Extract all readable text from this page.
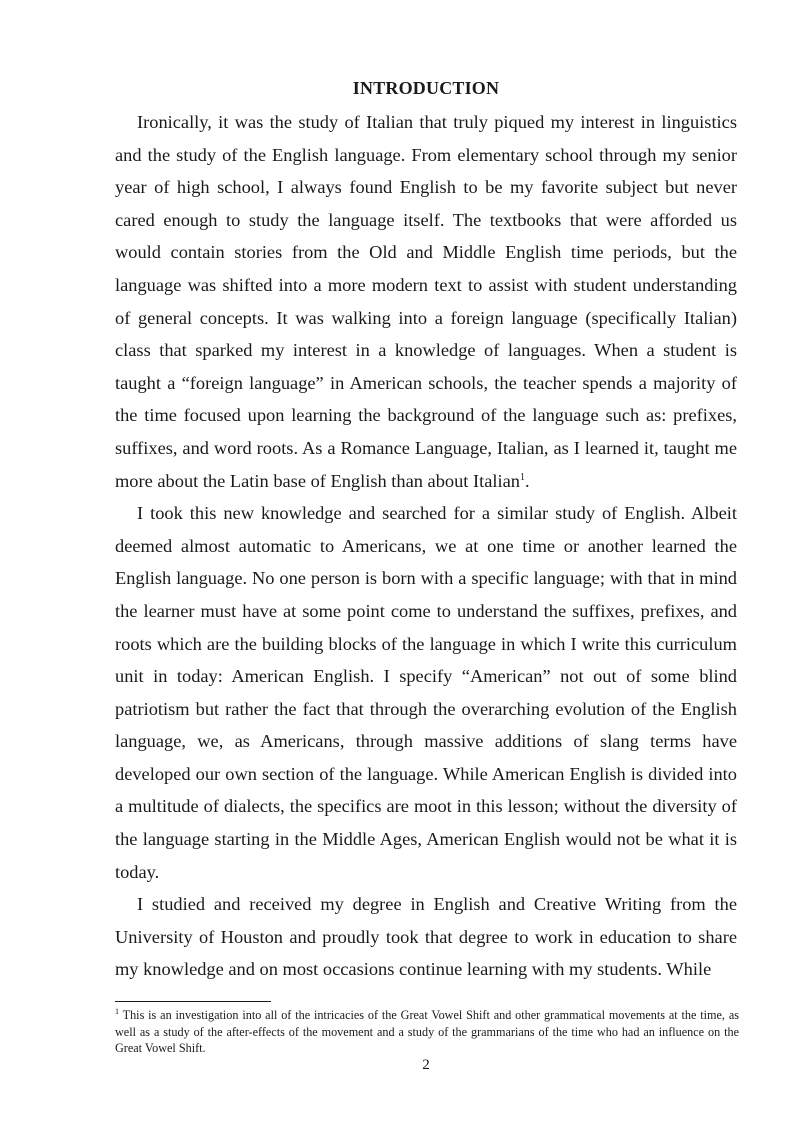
INTRODUCTION

Ironically, it was the study of Italian that truly piqued my interest in linguistics and the study of the English language. From elementary school through my senior year of high school, I always found English to be my favorite subject but never cared enough to study the language itself. The textbooks that were afforded us would contain stories from the Old and Middle English time periods, but the language was shifted into a more modern text to assist with student understanding of general concepts. It was walking into a foreign language (specifically Italian) class that sparked my interest in a knowledge of languages. When a student is taught a “foreign language” in American schools, the teacher spends a majority of the time focused upon learning the background of the language such as: prefixes, suffixes, and word roots. As a Romance Language, Italian, as I learned it, taught me more about the Latin base of English than about Italian$^1$.

I took this new knowledge and searched for a similar study of English. Albeit deemed almost automatic to Americans, we at one time or another learned the English language. No one person is born with a specific language; with that in mind the learner must have at some point come to understand the suffixes, prefixes, and roots which are the building blocks of the language in which I write this curriculum unit in today: American English. I specify “American” not out of some blind patriotism but rather the fact that through the overarching evolution of the English language, we, as Americans, through massive additions of slang terms have developed our own section of the language. While American English is divided into a multitude of dialects, the specifics are moot in this lesson; without the diversity of the language starting in the Middle Ages, American English would not be what it is today.

I studied and received my degree in English and Creative Writing from the University of Houston and proudly took that degree to work in education to share my knowledge and on most occasions continue learning with my students. While

$^1$ This is an investigation into all of the intricacies of the Great Vowel Shift and other grammatical movements at the time, as well as a study of the after-effects of the movement and a study of the grammarians of the time who had an influence on the Great Vowel Shift.
2
